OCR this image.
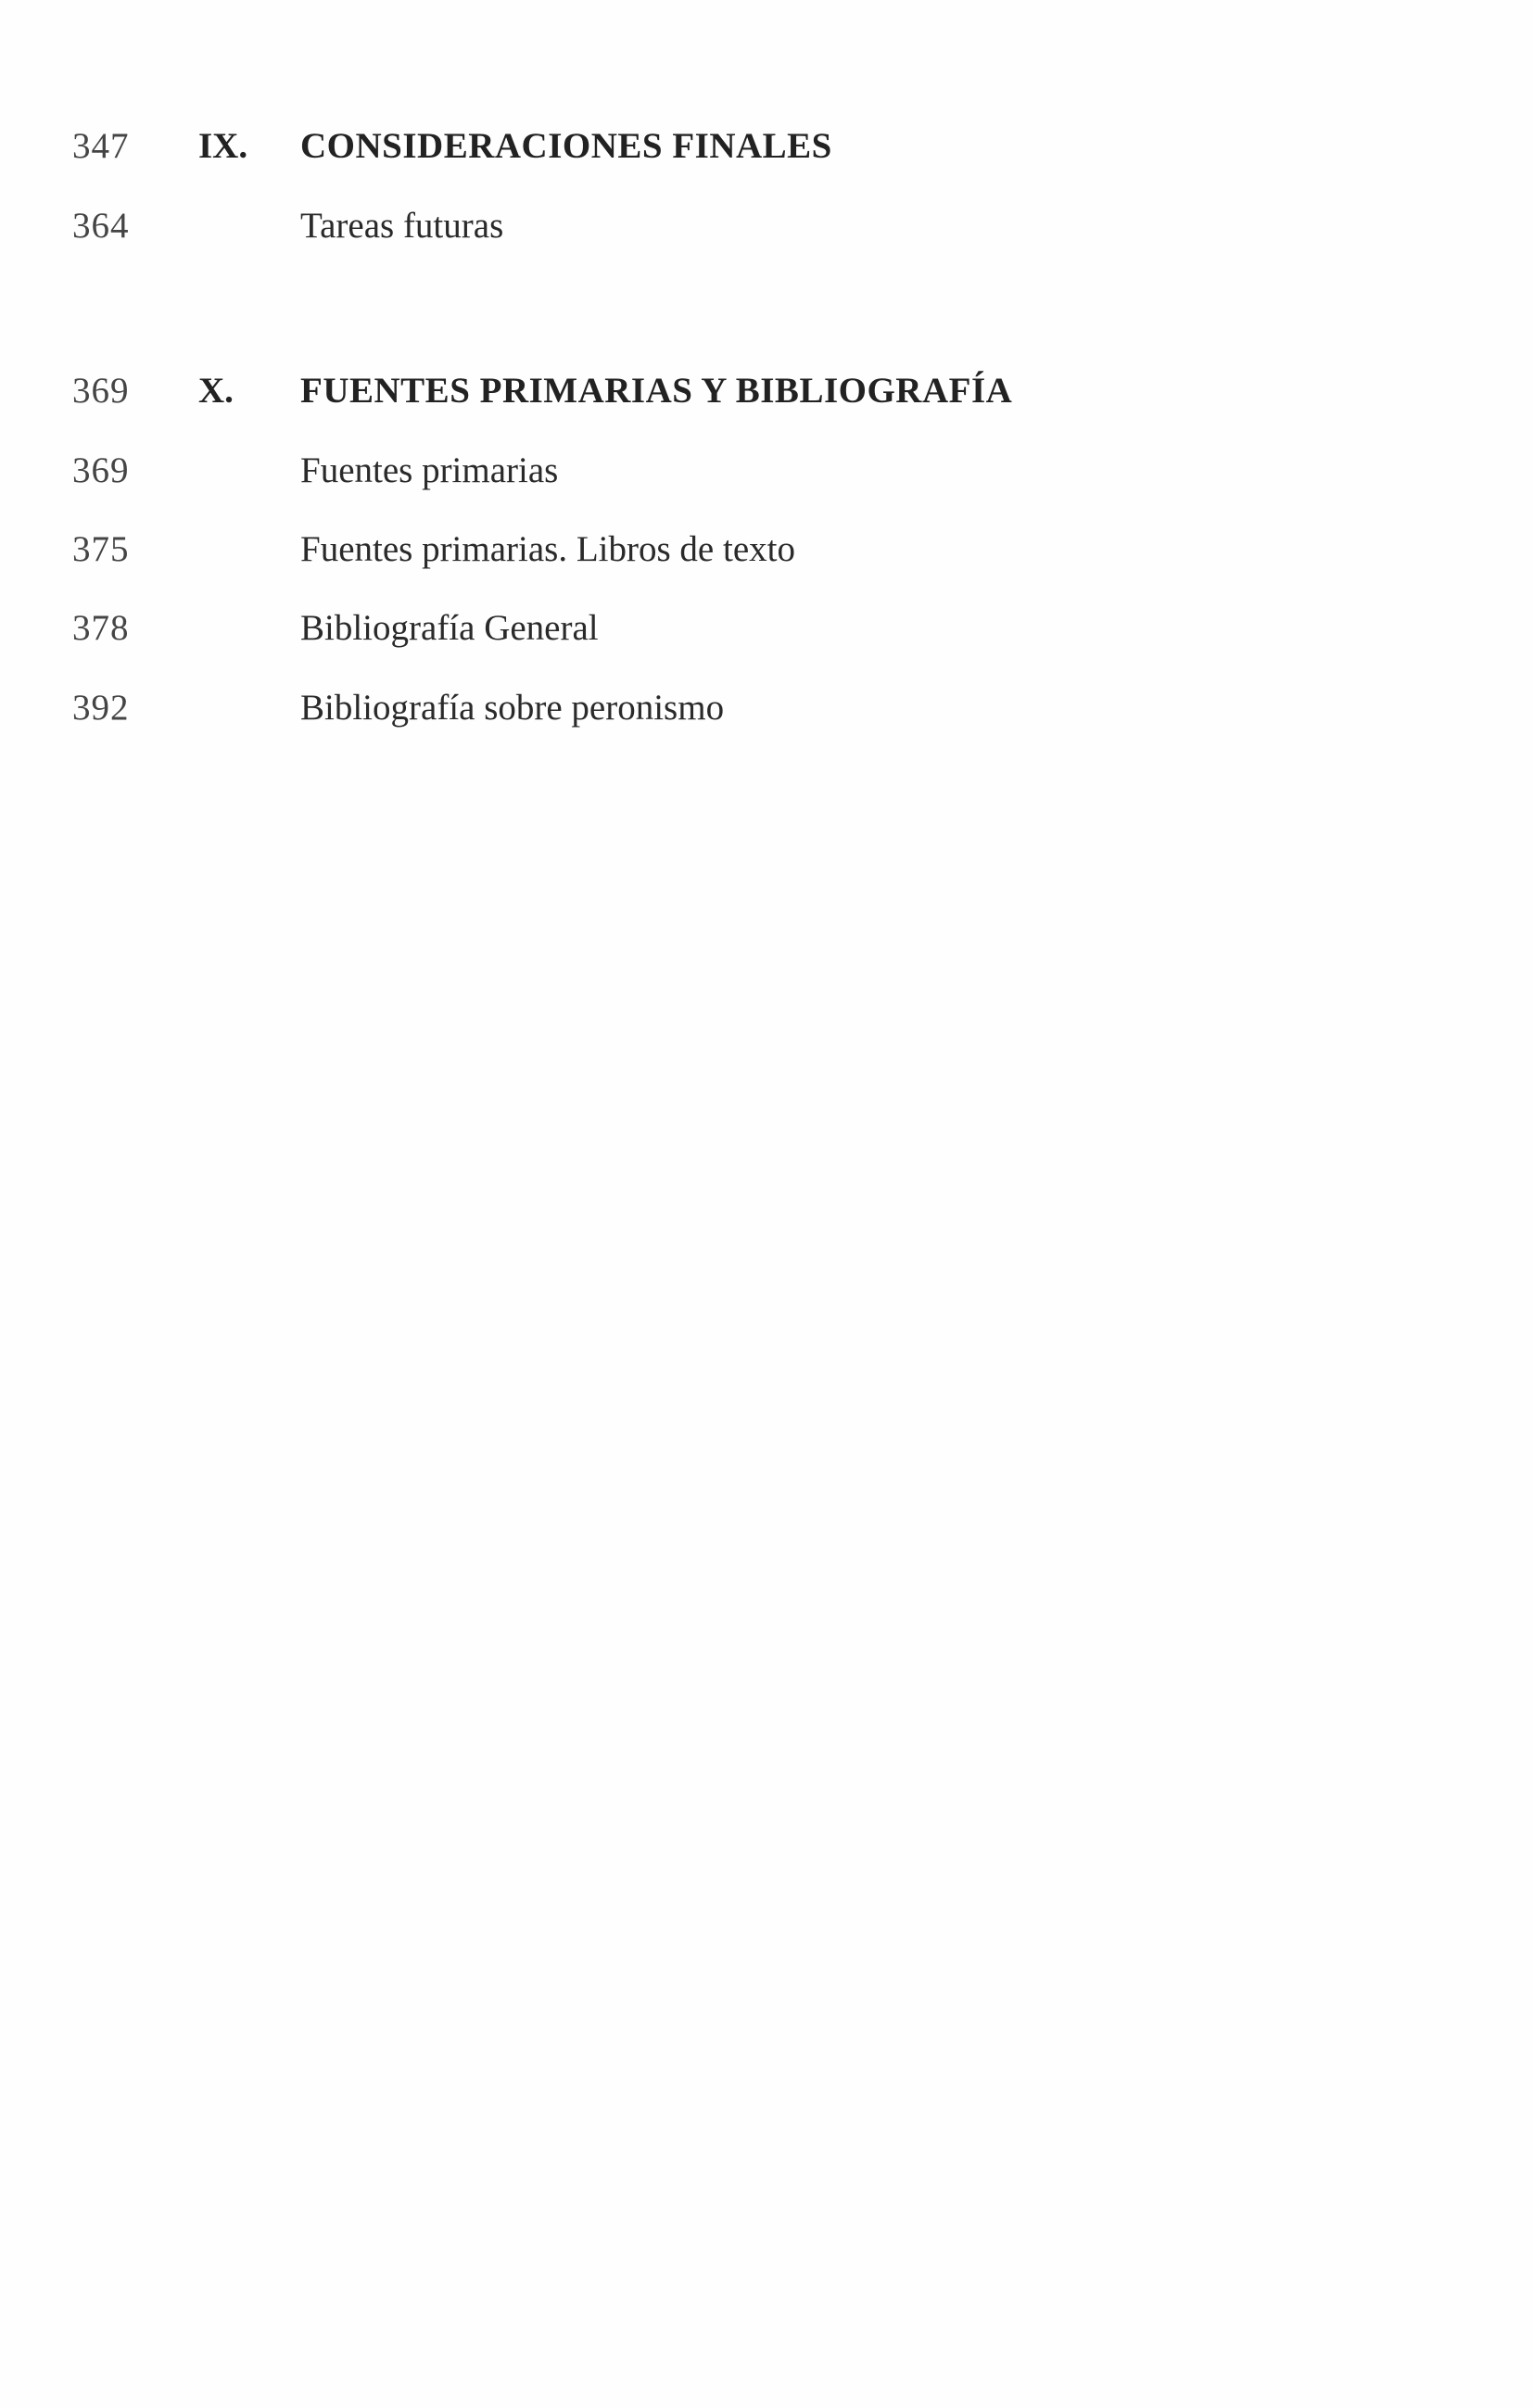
347 IX. CONSIDERACIONES FINALES
364	Tareas futuras
369 X. FUENTES PRIMARIAS Y BIBLIOGRAFÍA
369	Fuentes primarias
375	Fuentes primarias. Libros de texto
378	Bibliografía General
392	Bibliografía sobre peronismo
